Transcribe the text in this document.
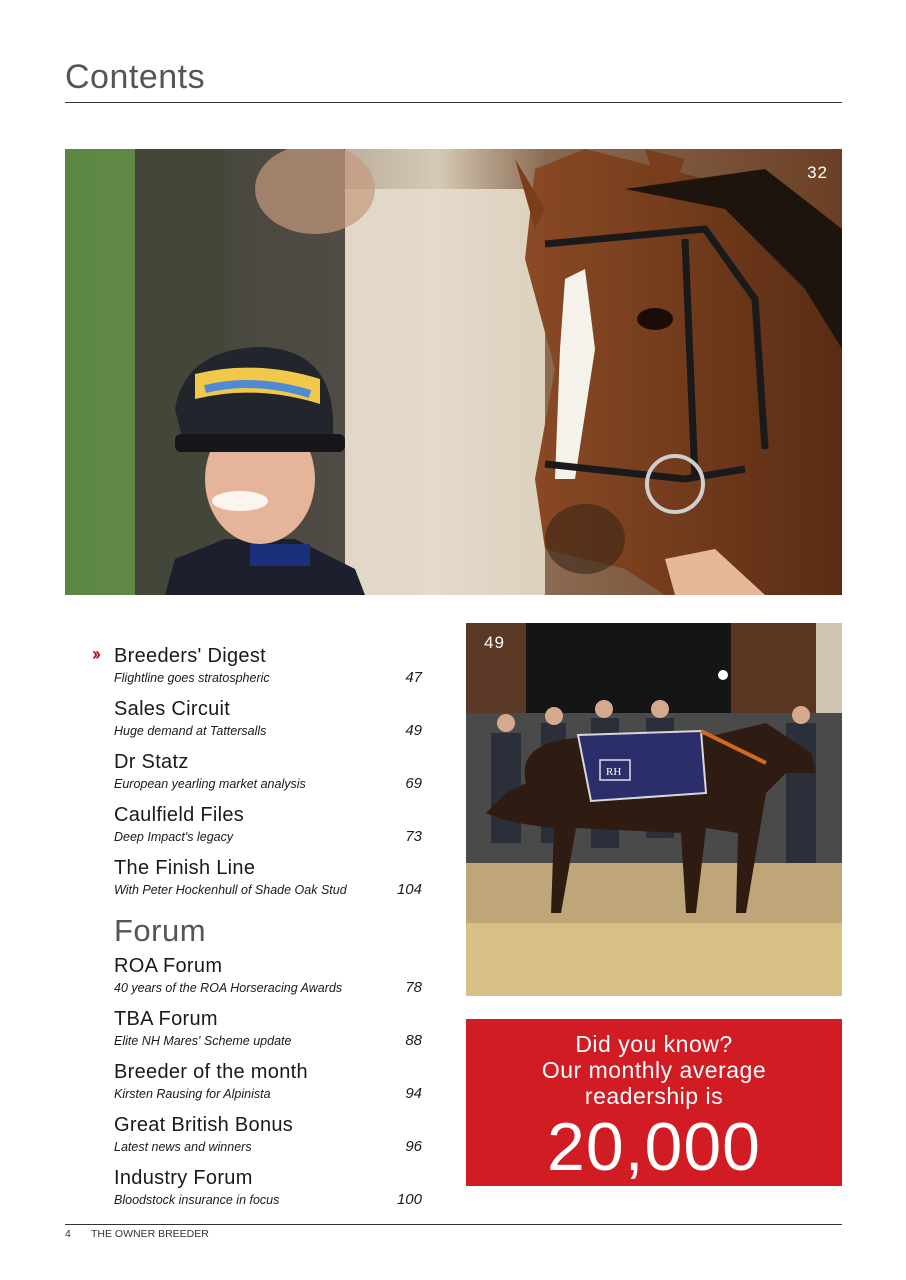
Contents
32
›› Breeders' Digest
Flightline goes stratospheric	47
Sales Circuit
Huge demand at Tattersalls	49
Dr Statz
European yearling market analysis	69
Caulfield Files
Deep Impact's legacy	73
The Finish Line
With Peter Hockenhull of Shade Oak Stud	104
Forum
ROA Forum
40 years of the ROA Horseracing Awards	78
TBA Forum
Elite NH Mares' Scheme update	88
Breeder of the month
Kirsten Rausing for Alpinista	94
Great British Bonus
Latest news and winners	96
Industry Forum
Bloodstock insurance in focus	100
RH
49
Did you know?
Our monthly average
readership is
20,000
4 THE OWNER BREEDER
